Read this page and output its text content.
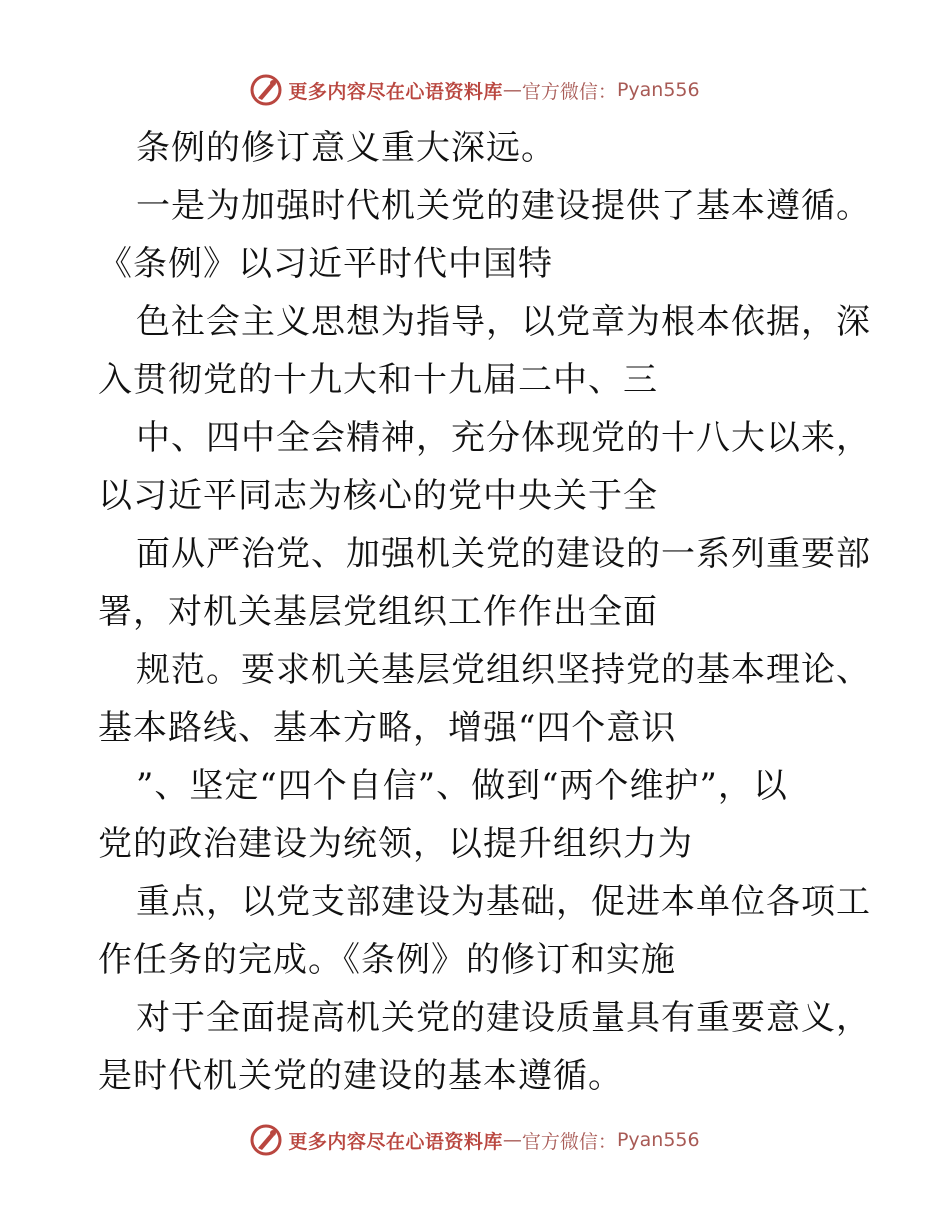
更多内容尽在心语资料库 — 官方微信： Pyan556
条例的修订意义重大深远。
一是为加强时代机关党的建设提供了基本遵循。
《条例》以习近平时代中国特
色社会主义思想为指导，以党章为根本依据，深
入贯彻党的十九大和十九届二中、三
中、四中全会精神，充分体现党的十八大以来，
以习近平同志为核心的党中央关于全
面从严治党、加强机关党的建设的一系列重要部
署，对机关基层党组织工作作出全面
规范。要求机关基层党组织坚持党的基本理论、
基本路线、基本方略，增强“四个意识
”、坚定“四个自信”、做到“两个维护”，以
党的政治建设为统领，以提升组织力为
重点，以党支部建设为基础，促进本单位各项工
作任务的完成。《条例》的修订和实施
对于全面提高机关党的建设质量具有重要意义，
是时代机关党的建设的基本遵循。
更多内容尽在心语资料库 — 官方微信： Pyan556
